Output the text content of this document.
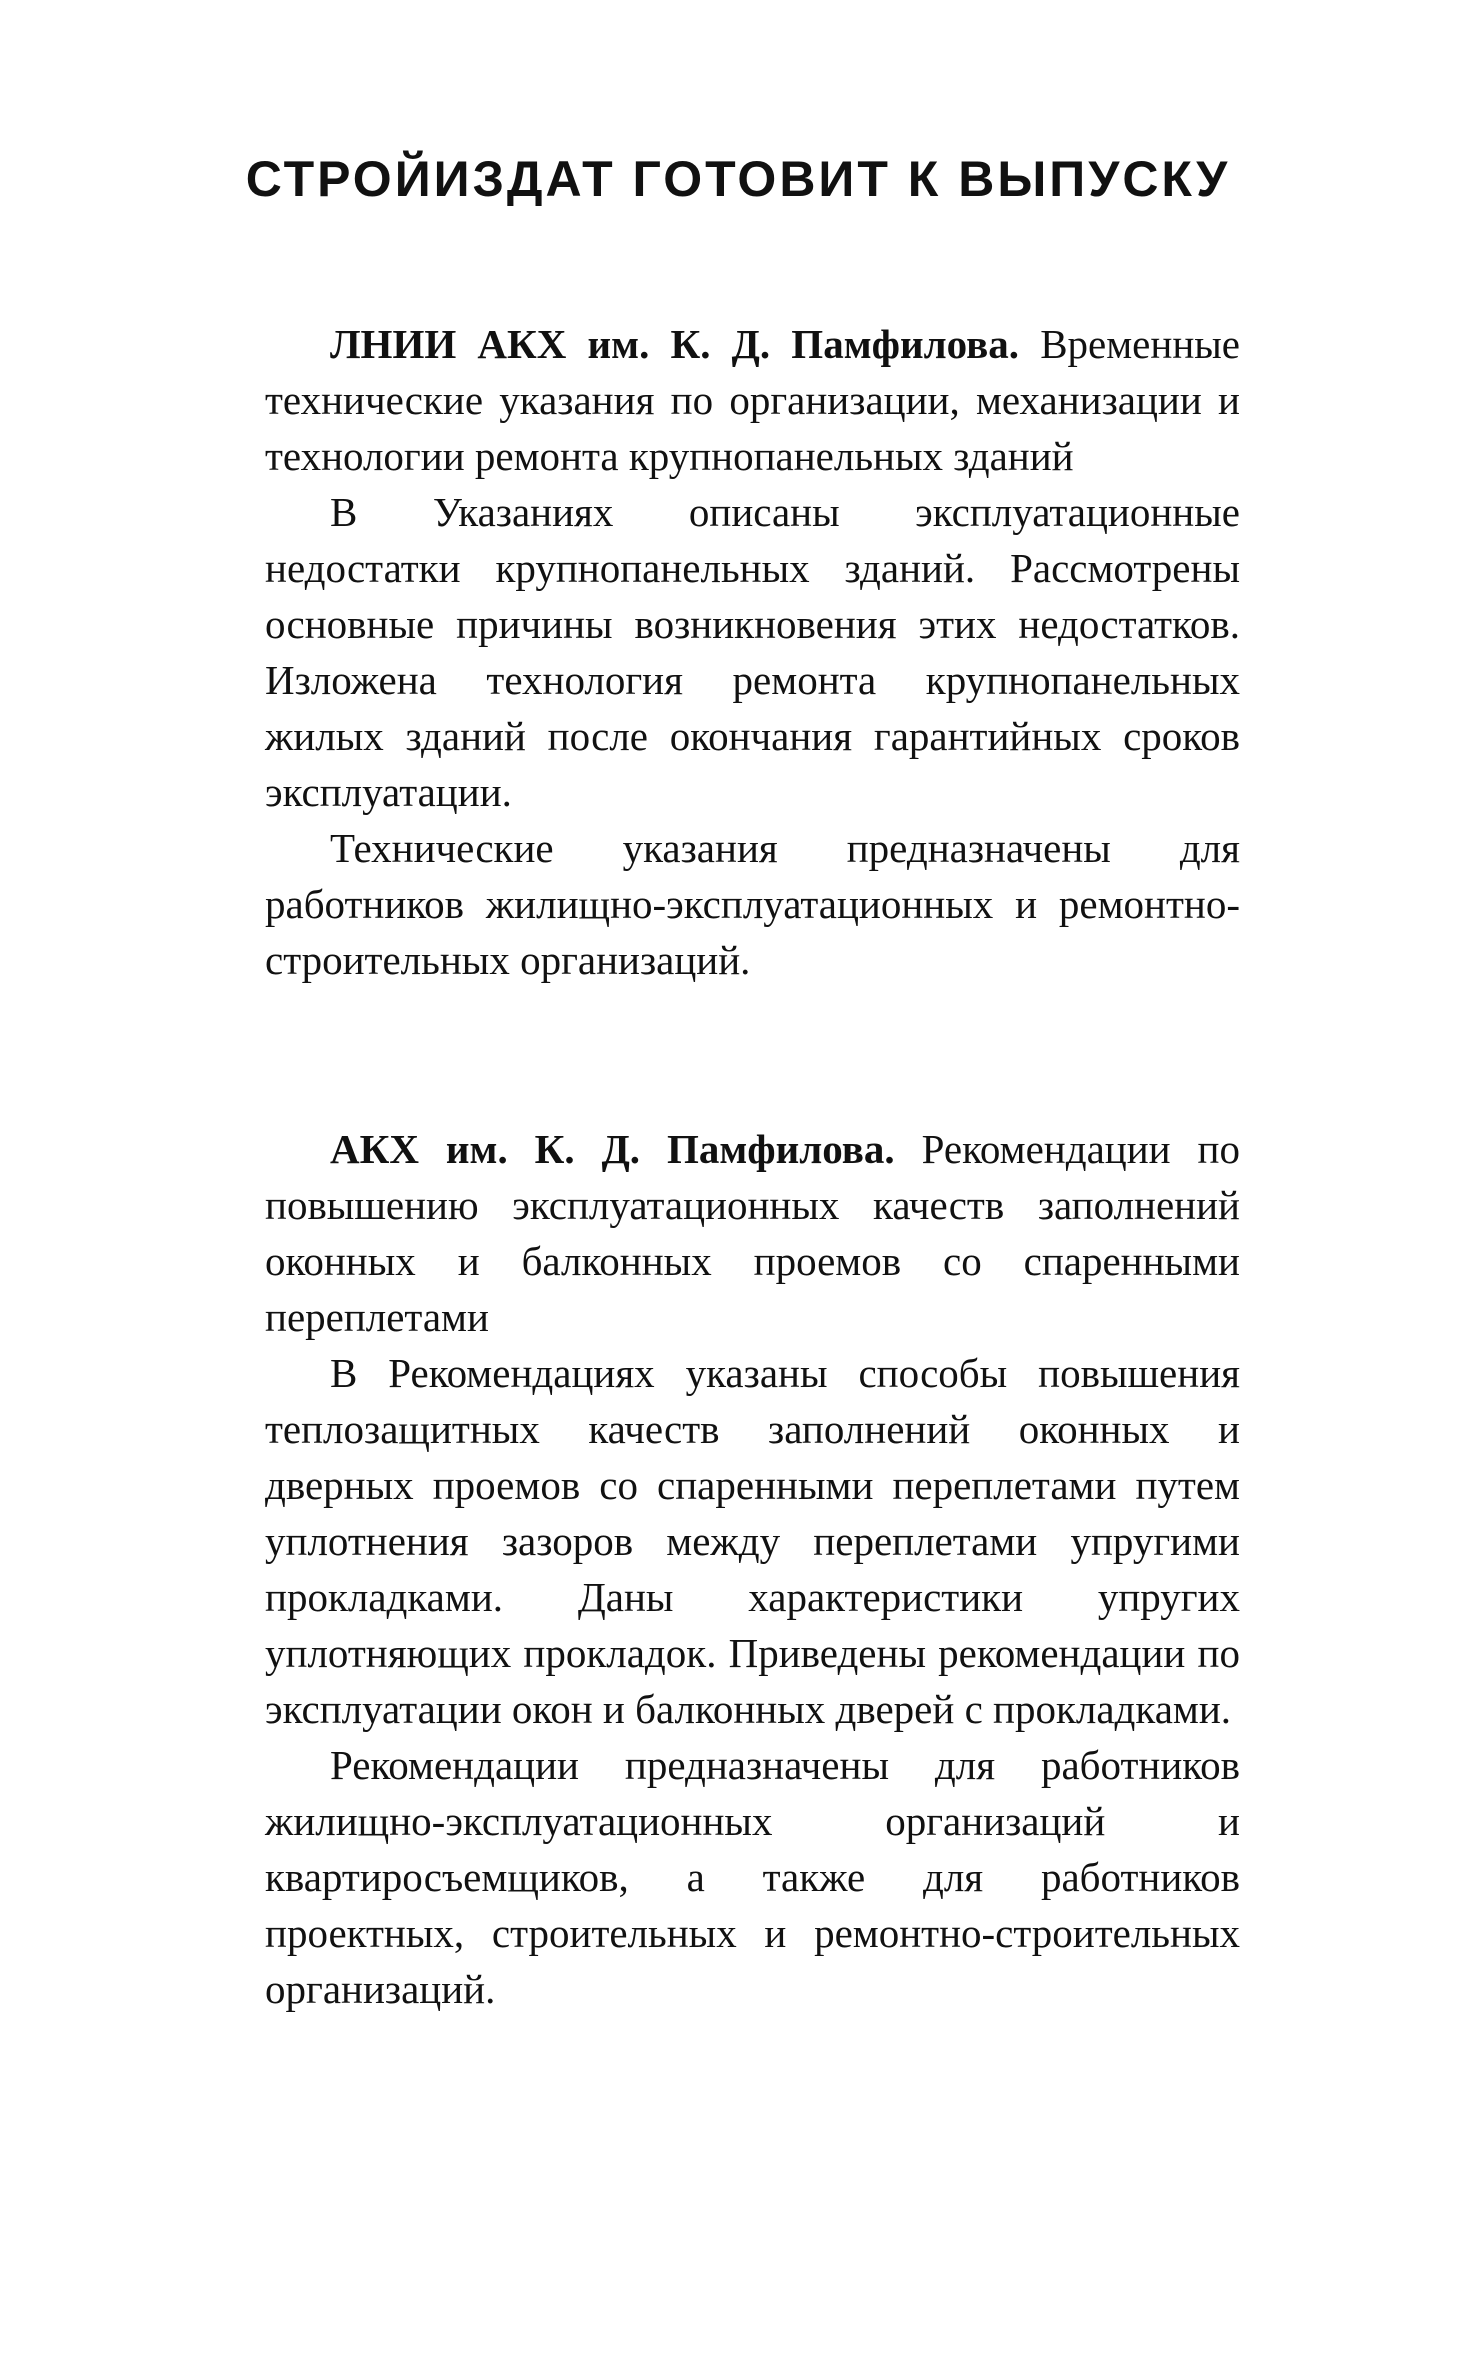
СТРОЙИЗДАТ ГОТОВИТ К ВЫПУСКУ

ЛНИИ АКХ им. К. Д. Памфилова. Временные технические указания по организации, механизации и технологии ремонта крупнопанельных зданий

В Указаниях описаны эксплуатационные недостатки крупнопанельных зданий. Рассмотрены основные причины возникновения этих недостатков. Изложена технология ремонта крупнопанельных жилых зданий после окончания гарантийных сроков эксплуатации.

Технические указания предназначены для работников жилищно-эксплуатационных и ремонтно-строительных организаций.

АКХ им. К. Д. Памфилова. Рекомендации по повышению эксплуатационных качеств заполнений оконных и балконных проемов со спаренными переплетами

В Рекомендациях указаны способы повышения теплозащитных качеств заполнений оконных и дверных проемов со спаренными переплетами путем уплотнения зазоров между переплетами упругими прокладками. Даны характеристики упругих уплотняющих прокладок. Приведены рекомендации по эксплуатации окон и балконных дверей с прокладками.

Рекомендации предназначены для работников жилищно-эксплуатационных организаций и квартиросъемщиков, а также для работников проектных, строительных и ремонтно-строительных организаций.
